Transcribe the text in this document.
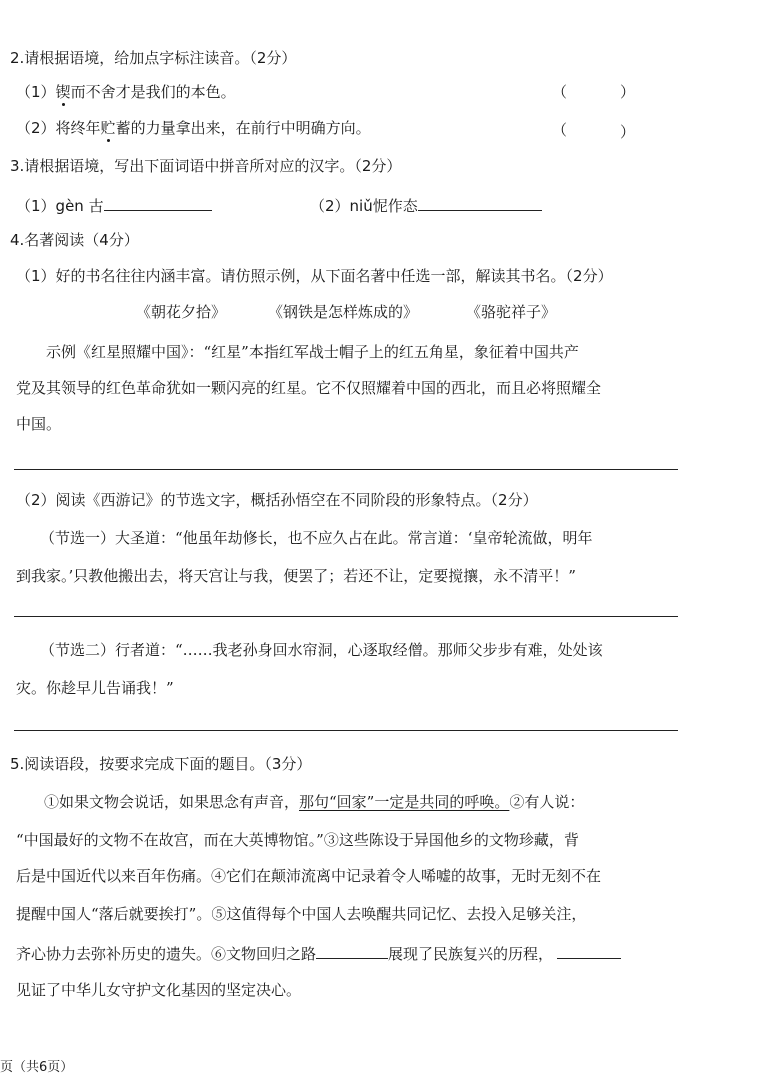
2.请根据语境，给加点字标注读音。（2分）
（1）锲而不舍才是我们的本色。	（	）
（2）将终年贮蓄的力量拿出来，在前行中明确方向。	（	）
3.请根据语境，写出下面词语中拼音所对应的汉字。（2分）
（1）gèn 古	（2）niǔ怩作态
4.名著阅读（4分）
（1）好的书名往往内涵丰富。请仿照示例，从下面名著中任选一部，解读其书名。（2分）
《朝花夕拾》	《钢铁是怎样炼成的》	《骆驼祥子》
示例《红星照耀中国》：“红星”本指红军战士帽子上的红五角星，象征着中国共产
党及其领导的红色革命犹如一颗闪亮的红星。它不仅照耀着中国的西北，而且必将照耀全
中国。
（2）阅读《西游记》的节选文字，概括孙悟空在不同阶段的形象特点。（2分）
（节选一）大圣道：“他虽年劫修长，也不应久占在此。常言道：‘皇帝轮流做，明年
到我家。’只教他搬出去，将天宫让与我，便罢了；若还不让，定要搅攘，永不清平！”
（节选二）行者道：“……我老孙身回水帘洞，心逐取经僧。那师父步步有难，处处该
灾。你趁早儿告诵我！”
5.阅读语段，按要求完成下面的题目。（3分）
①如果文物会说话，如果思念有声音，那句“回家”一定是共同的呼唤。②有人说：
“中国最好的文物不在故宫，而在大英博物馆。”③这些陈设于异国他乡的文物珍藏，背
后是中国近代以来百年伤痛。④它们在颠沛流离中记录着令人唏嘘的故事，无时无刻不在
提醒中国人“落后就要挨打”。⑤这值得每个中国人去唤醒共同记忆、去投入足够关注，
齐心协力去弥补历史的遗失。⑥文物回归之路	展现了民族复兴的历程，
见证了中华儿女守护文化基因的坚定决心。
页（共6页）
